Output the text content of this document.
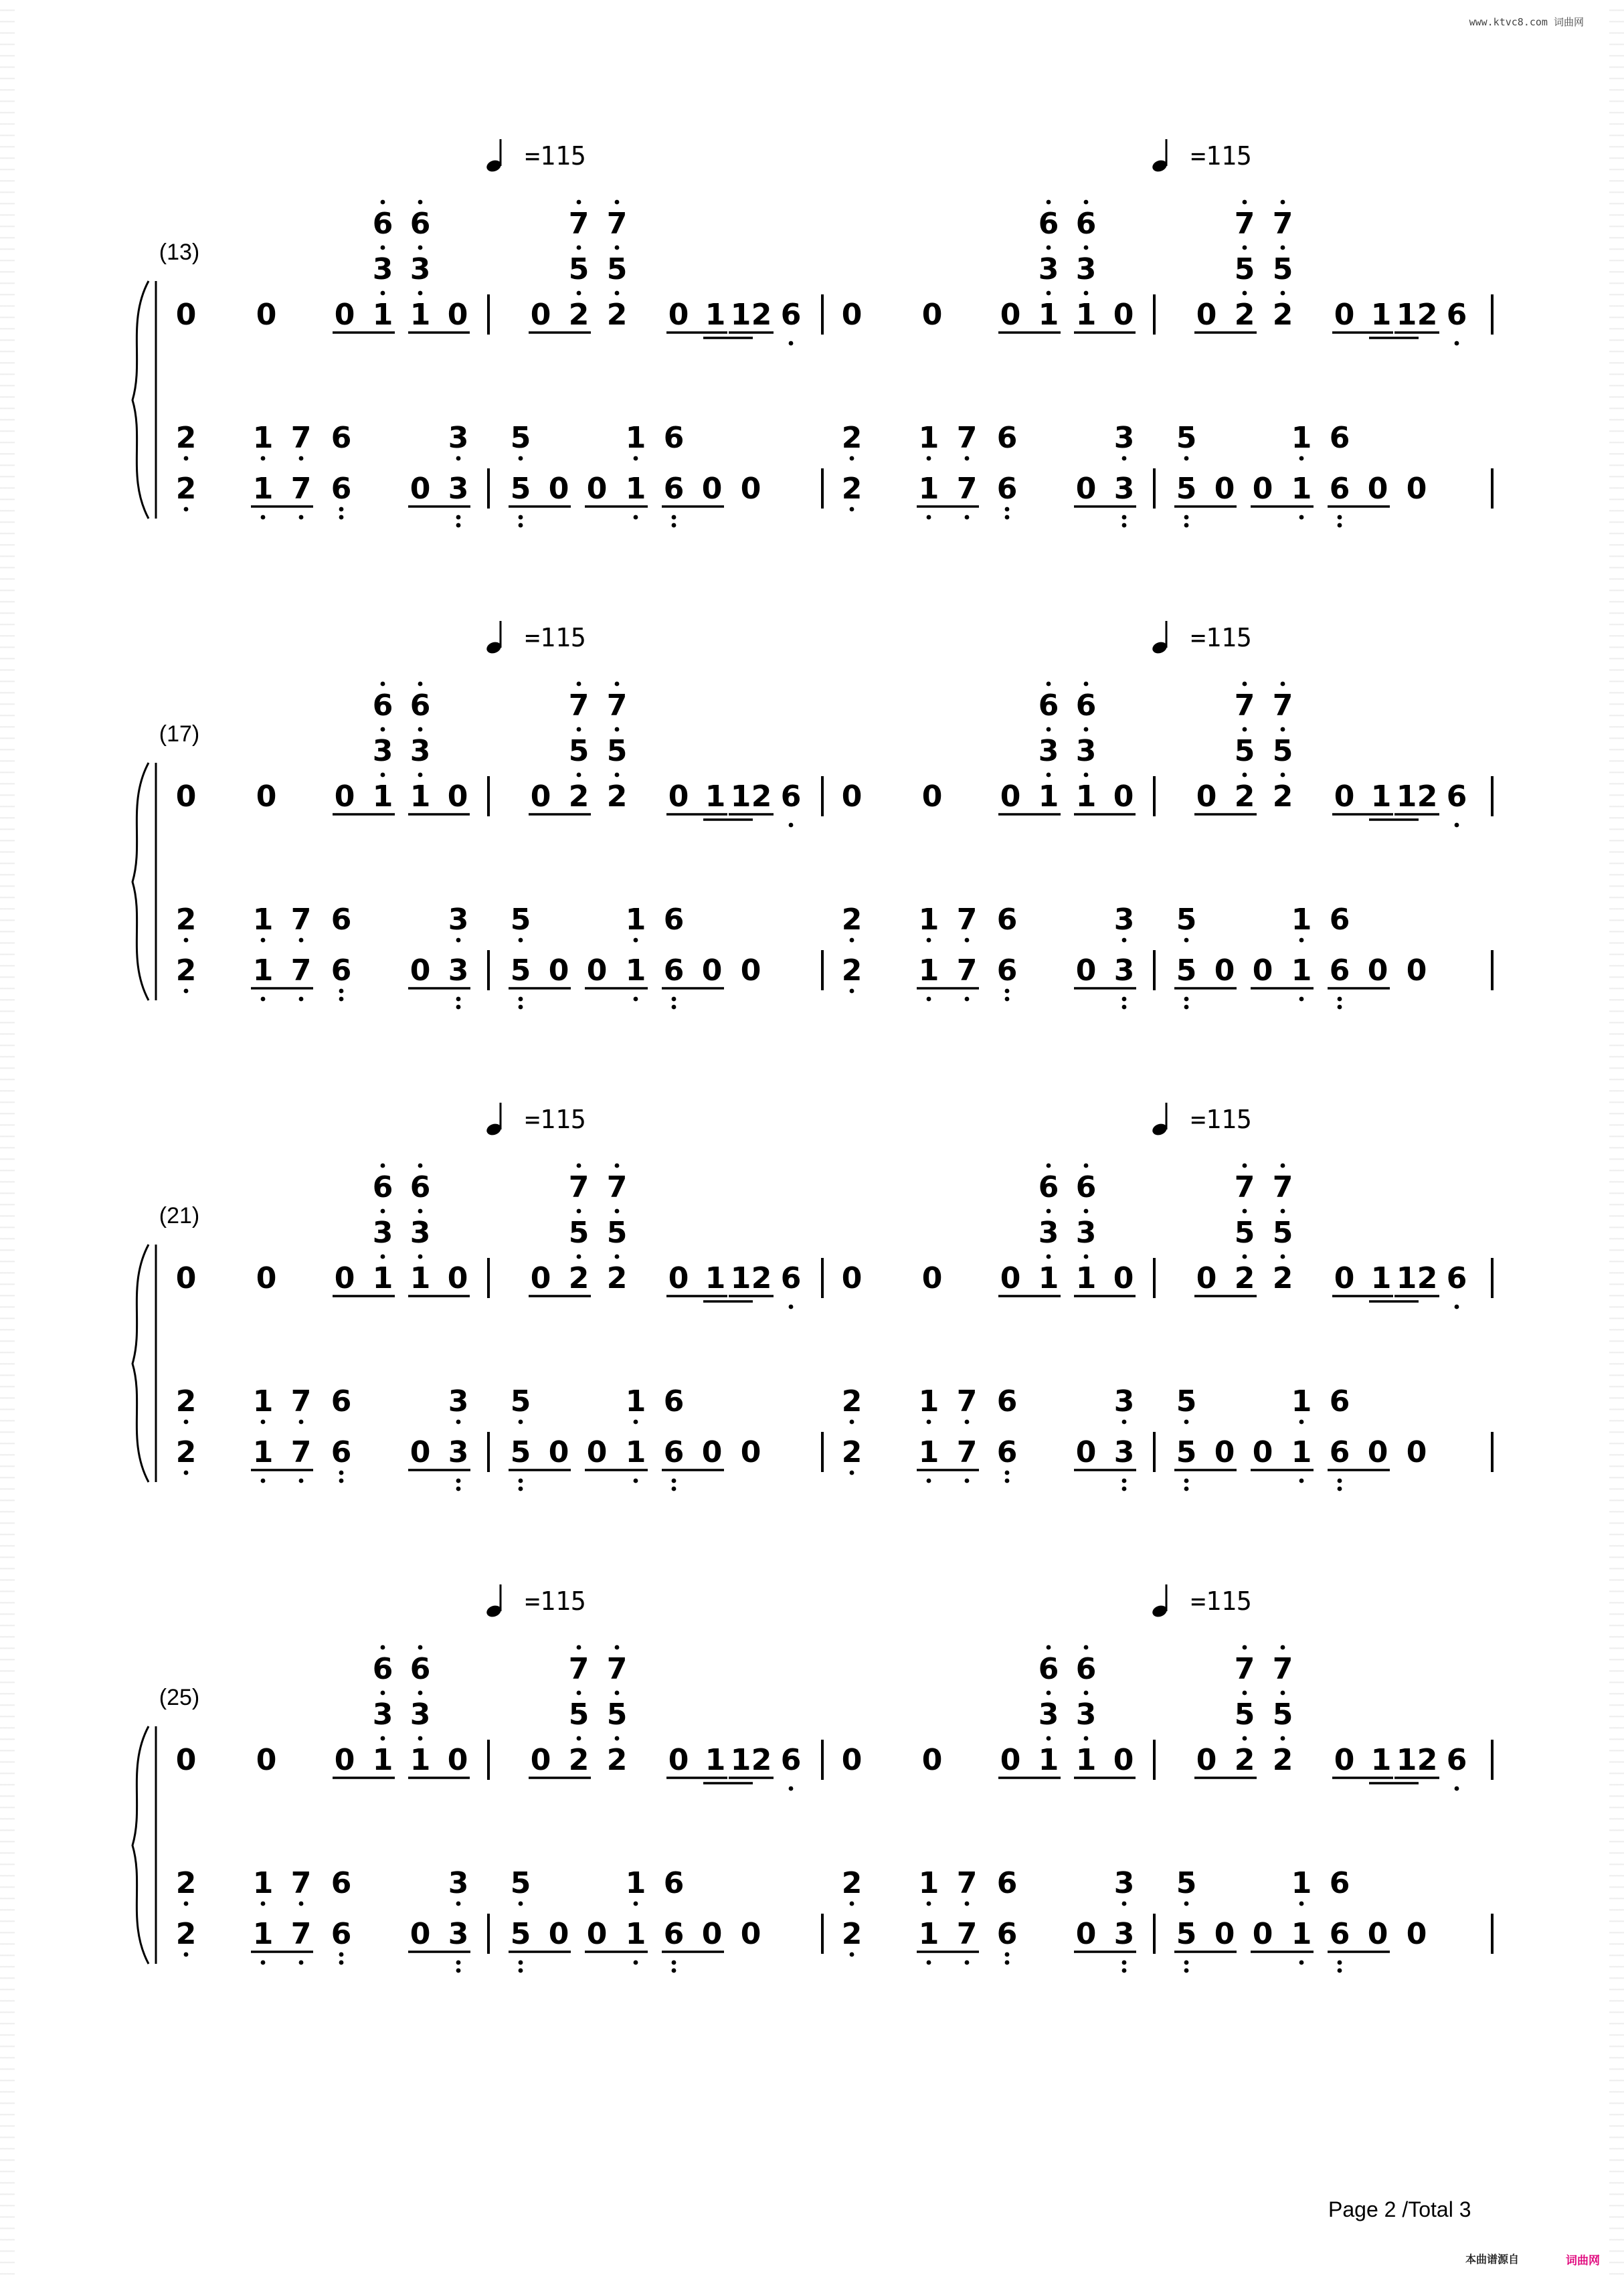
www.ktvc8.com 词曲网
(13)
=115	=115
0 0 0 1
3
6
1
3
6
0 0 2
5
7
2
5
7
0 1 1 2 6
2
2
1
1
7
7
6
6
0 3
3
5
5
0 0 1
1
6
6
0 0
0 0 0 1
3
6
1
3
6
0 0 2
5
7
2
5
7
0 1 1 2 6
2
2
1
1
7
7
6
6
0 3
3
5
5
0 0 1
1
6
6
0 0
(17)
=115	=115
0 0 0 1
3
6
1
3
6
0 0 2
5
7
2
5
7
0 1 1 2 6
2
2
1
1
7
7
6
6
0 3
3
5
5
0 0 1
1
6
6
0 0
0 0 0 1
3
6
1
3
6
0 0 2
5
7
2
5
7
0 1 1 2 6
2
2
1
1
7
7
6
6
0 3
3
5
5
0 0 1
1
6
6
0 0
(21)
=115	=115
0 0 0 1
3
6
1
3
6
0 0 2
5
7
2
5
7
0 1 1 2 6
2
2
1
1
7
7
6
6
0 3
3
5
5
0 0 1
1
6
6
0 0
0 0 0 1
3
6
1
3
6
0 0 2
5
7
2
5
7
0 1 1 2 6
2
2
1
1
7
7
6
6
0 3
3
5
5
0 0 1
1
6
6
0 0
(25)
=115	=115
0 0 0 1
3
6
1
3
6
0 0 2
5
7
2
5
7
0 1 1 2 6
2
2
1
1
7
7
6
6
0 3
3
5
5
0 0 1
1
6
6
0 0
0 0 0 1
3
6
1
3
6
0 0 2
5
7
2
5
7
0 1 1 2 6
2
2
1
1
7
7
6
6
0 3
3
5
5
0 0 1
1
6
6
0 0
Page 2 /Total 3
本曲谱源自	词曲网
